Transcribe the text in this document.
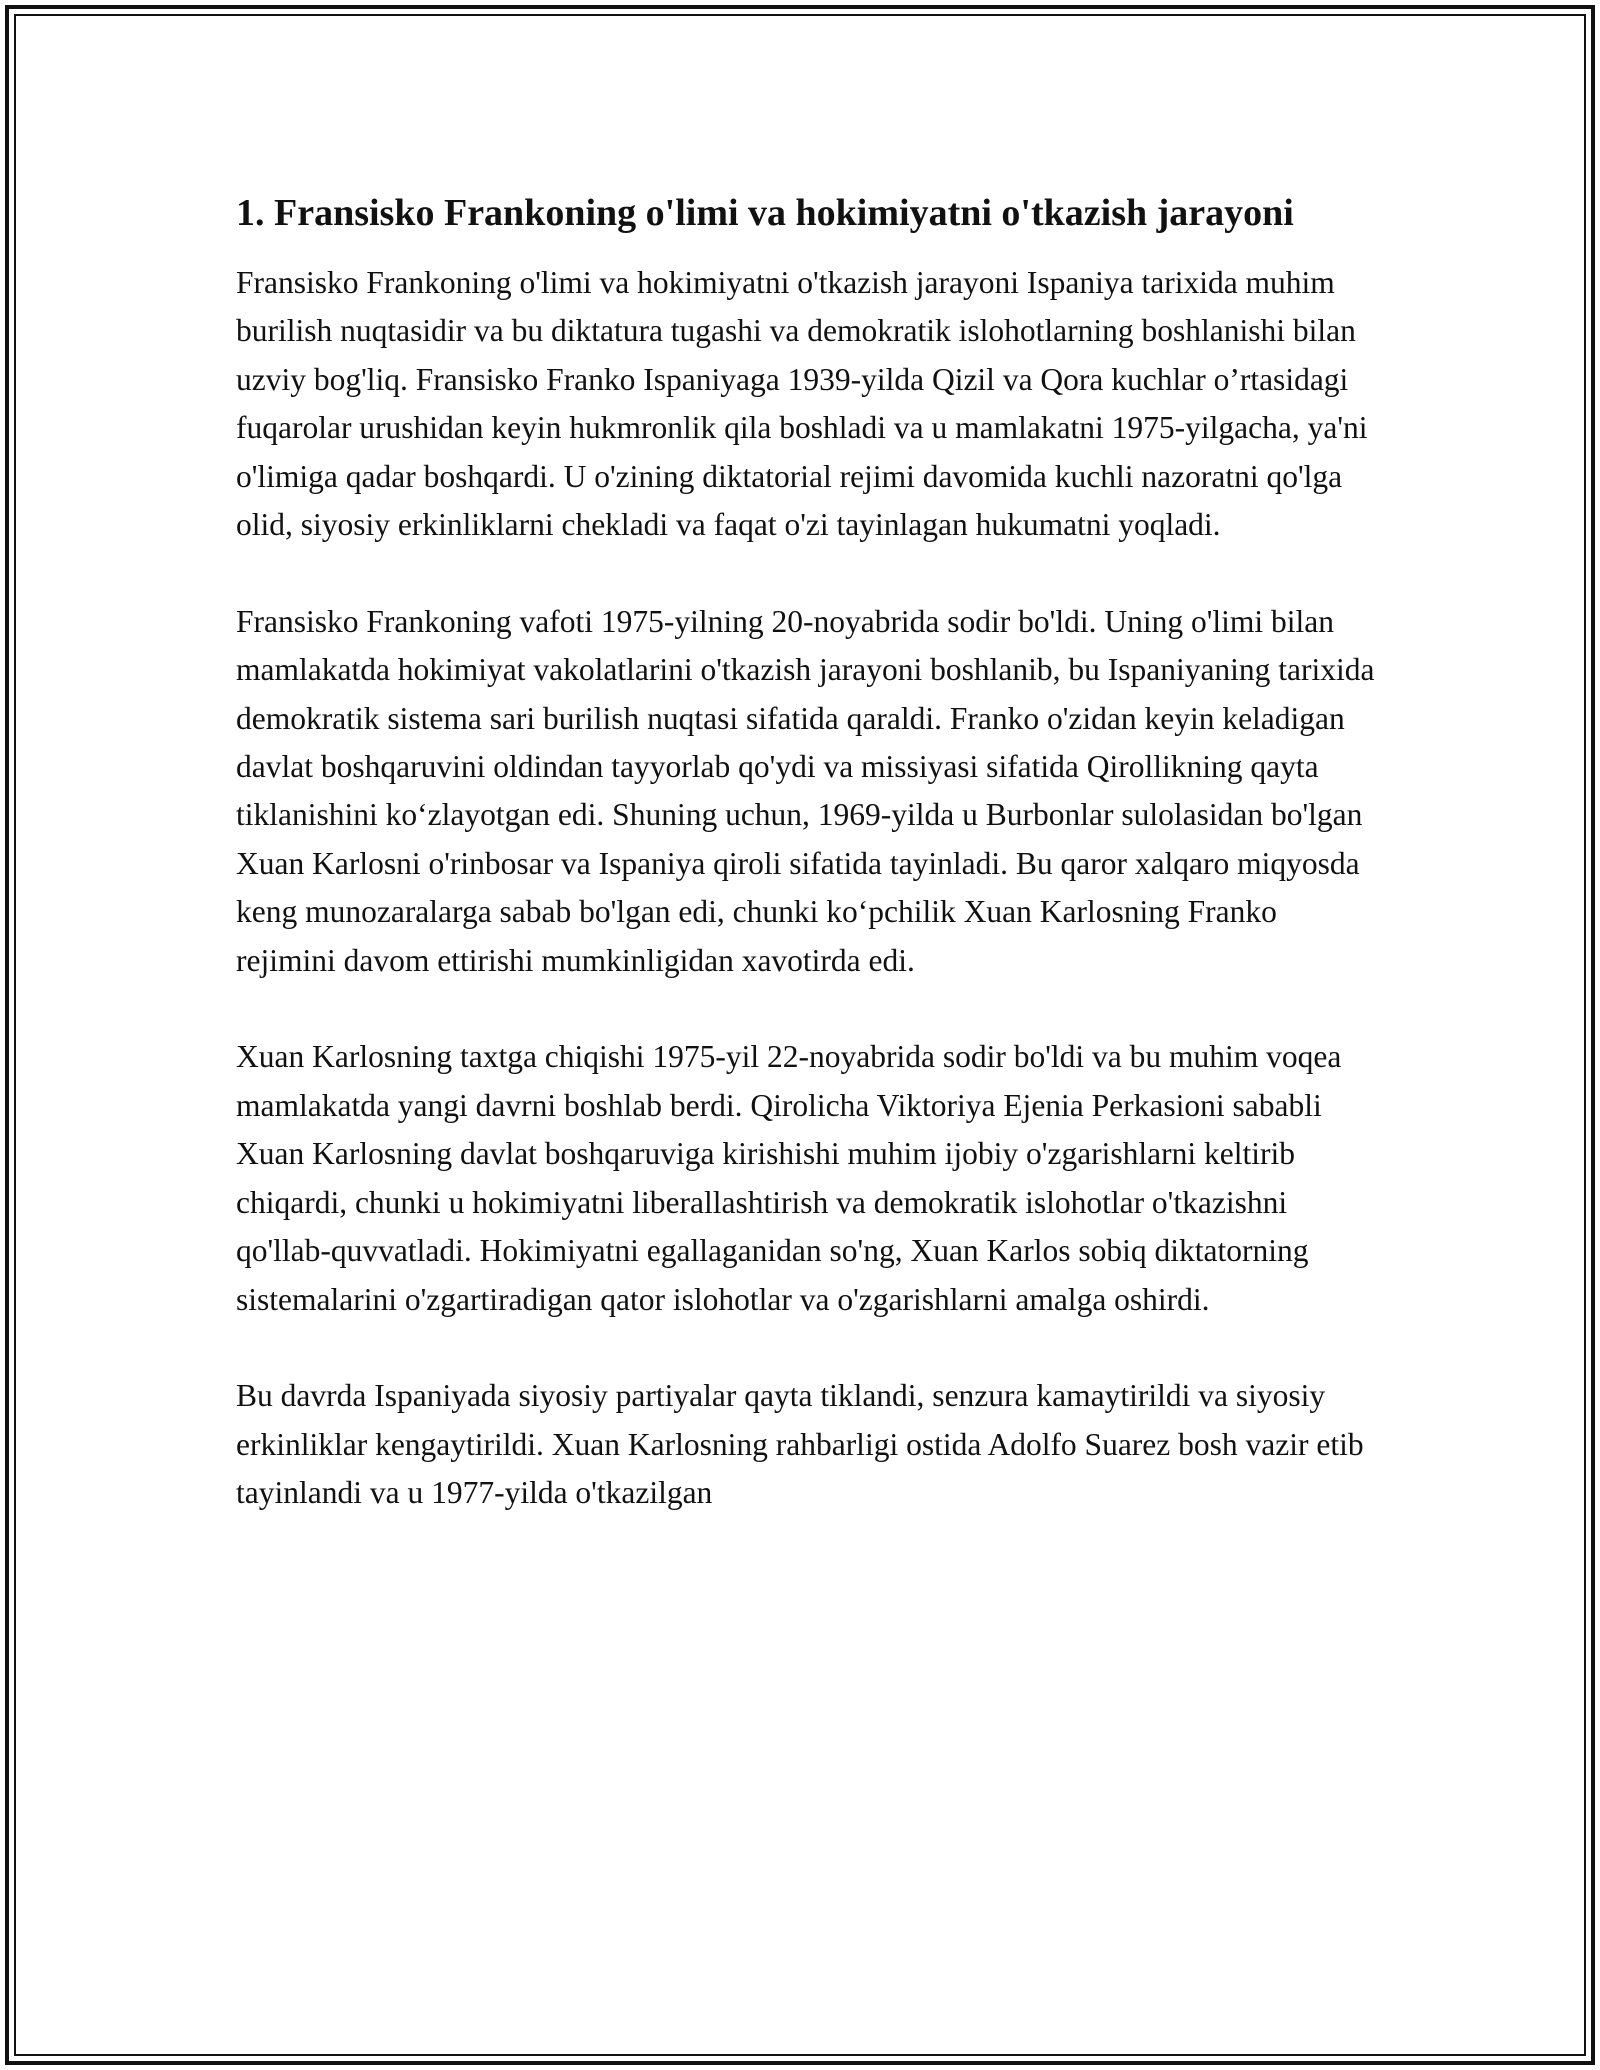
1. Fransisko Frankoning o'limi va hokimiyatni o'tkazish jarayoni

Fransisko Frankoning o'limi va hokimiyatni o'tkazish jarayoni Ispaniya tarixida muhim burilish nuqtasidir va bu diktatura tugashi va demokratik islohotlarning boshlanishi bilan uzviy bog'liq. Fransisko Franko Ispaniyaga 1939-yilda Qizil va Qora kuchlar o’rtasidagi fuqarolar urushidan keyin hukmronlik qila boshladi va u mamlakatni 1975-yilgacha, ya'ni o'limiga qadar boshqardi. U o'zining diktatorial rejimi davomida kuchli nazoratni qo'lga olid, siyosiy erkinliklarni chekladi va faqat o'zi tayinlagan hukumatni yoqladi.

Fransisko Frankoning vafoti 1975-yilning 20-noyabrida sodir bo'ldi. Uning o'limi bilan mamlakatda hokimiyat vakolatlarini o'tkazish jarayoni boshlanib, bu Ispaniyaning tarixida demokratik sistema sari burilish nuqtasi sifatida qaraldi. Franko o'zidan keyin keladigan davlat boshqaruvini oldindan tayyorlab qo'ydi va missiyasi sifatida Qirollikning qayta tiklanishini ko‘zlayotgan edi. Shuning uchun, 1969-yilda u Burbonlar sulolasidan bo'lgan Xuan Karlosni o'rinbosar va Ispaniya qiroli sifatida tayinladi. Bu qaror xalqaro miqyosda keng munozaralarga sabab bo'lgan edi, chunki ko‘pchilik Xuan Karlosning Franko rejimini davom ettirishi mumkinligidan xavotirda edi.

Xuan Karlosning taxtga chiqishi 1975-yil 22-noyabrida sodir bo'ldi va bu muhim voqea mamlakatda yangi davrni boshlab berdi. Qirolicha Viktoriya Ejenia Perkasioni sababli Xuan Karlosning davlat boshqaruviga kirishishi muhim ijobiy o'zgarishlarni keltirib chiqardi, chunki u hokimiyatni liberallashtirish va demokratik islohotlar o'tkazishni qo'llab-quvvatladi. Hokimiyatni egallaganidan so'ng, Xuan Karlos sobiq diktatorning sistemalarini o'zgartiradigan qator islohotlar va o'zgarishlarni amalga oshirdi.

Bu davrda Ispaniyada siyosiy partiyalar qayta tiklandi, senzura kamaytirildi va siyosiy erkinliklar kengaytirildi. Xuan Karlosning rahbarligi ostida Adolfo Suarez bosh vazir etib tayinlandi va u 1977-yilda o'tkazilgan
